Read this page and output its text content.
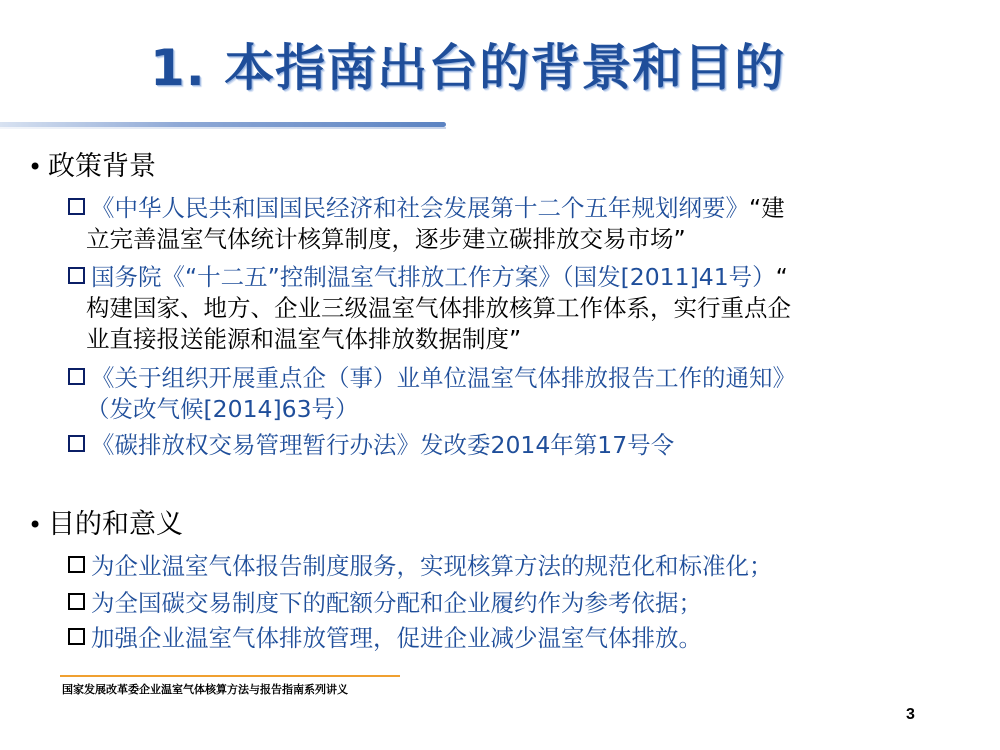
1. 本指南出台的背景和目的
• 政策背景
《中华人民共和国国民经济和社会发展第十二个五年规划纲要》“建
立完善温室气体统计核算制度，逐步建立碳排放交易市场”
国务院《“十二五”控制温室气排放工作方案》（国发[2011]41号）“
构建国家、地方、企业三级温室气体排放核算工作体系，实行重点企
业直接报送能源和温室气体排放数据制度”
《关于组织开展重点企（事）业单位温室气体排放报告工作的通知》
（发改气候[2014]63号）
《碳排放权交易管理暂行办法》发改委2014年第17号令
• 目的和意义
为企业温室气体报告制度服务，实现核算方法的规范化和标准化；
为全国碳交易制度下的配额分配和企业履约作为参考依据；
加强企业温室气体排放管理，促进企业减少温室气体排放。
国家发展改革委企业温室气体核算方法与报告指南系列讲义
3
